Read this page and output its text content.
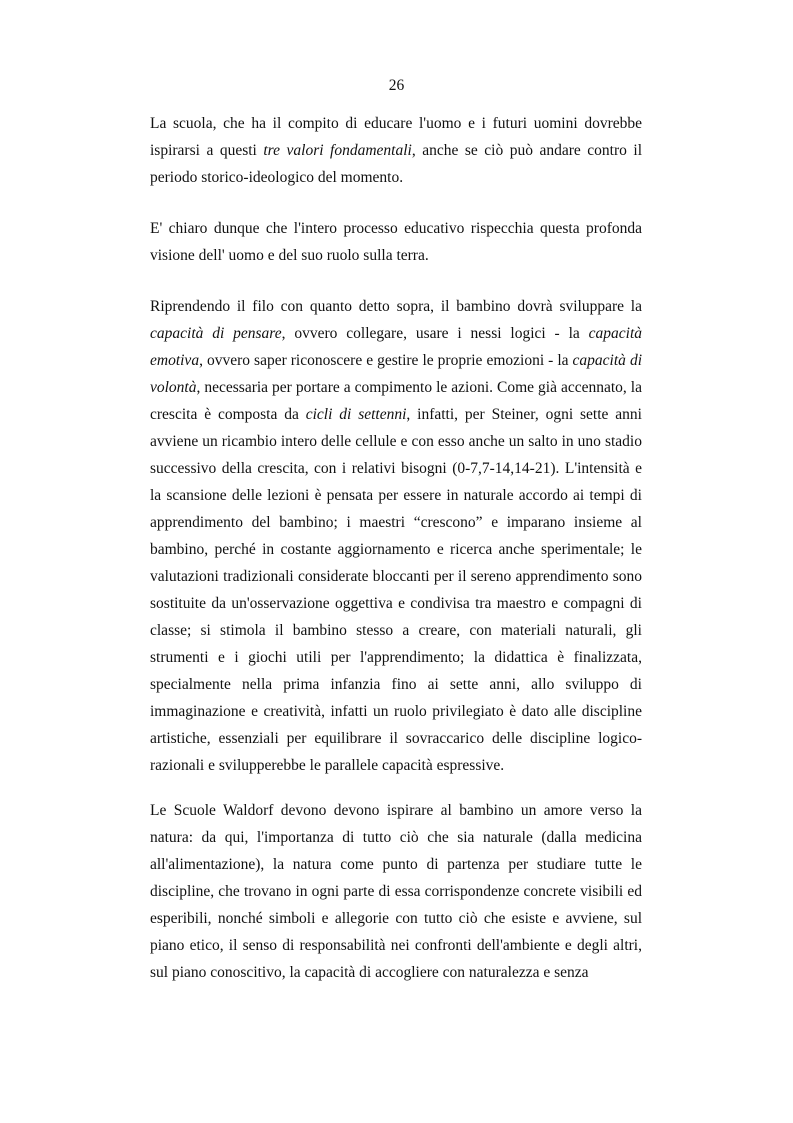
26

La scuola, che ha il compito di educare l'uomo e i futuri uomini dovrebbe ispirarsi a questi tre valori fondamentali, anche se ciò può andare contro il periodo storico-ideologico del momento.

E' chiaro dunque che l'intero processo educativo rispecchia questa profonda visione dell' uomo e del suo ruolo sulla terra.

Riprendendo il filo con quanto detto sopra, il bambino dovrà sviluppare la capacità di pensare, ovvero collegare, usare i nessi logici - la capacità emotiva, ovvero saper riconoscere e gestire le proprie emozioni - la capacità di volontà, necessaria per portare a compimento le azioni. Come già accennato, la crescita è composta da cicli di settenni, infatti, per Steiner, ogni sette anni avviene un ricambio intero delle cellule e con esso anche un salto in uno stadio successivo della crescita, con i relativi bisogni (0-7,7-14,14-21). L'intensità e la scansione delle lezioni è pensata per essere in naturale accordo ai tempi di apprendimento del bambino; i maestri “crescono” e imparano insieme al bambino, perché in costante aggiornamento e ricerca anche sperimentale; le valutazioni tradizionali considerate bloccanti per il sereno apprendimento sono sostituite da un'osservazione oggettiva e condivisa tra maestro e compagni di classe; si stimola il bambino stesso a creare, con materiali naturali, gli strumenti e i giochi utili per l'apprendimento; la didattica è finalizzata, specialmente nella prima infanzia fino ai sette anni, allo sviluppo di immaginazione e creatività, infatti un ruolo privilegiato è dato alle discipline artistiche, essenziali per equilibrare il sovraccarico delle discipline logico-razionali e svilupperebbe le parallele capacità espressive.

Le Scuole Waldorf devono devono ispirare al bambino un amore verso la natura: da qui, l'importanza di tutto ciò che sia naturale (dalla medicina all'alimentazione), la natura come punto di partenza per studiare tutte le discipline, che trovano in ogni parte di essa corrispondenze concrete visibili ed esperibili, nonché simboli e allegorie con tutto ciò che esiste e avviene, sul piano etico, il senso di responsabilità nei confronti dell'ambiente e degli altri, sul piano conoscitivo, la capacità di accogliere con naturalezza e senza
